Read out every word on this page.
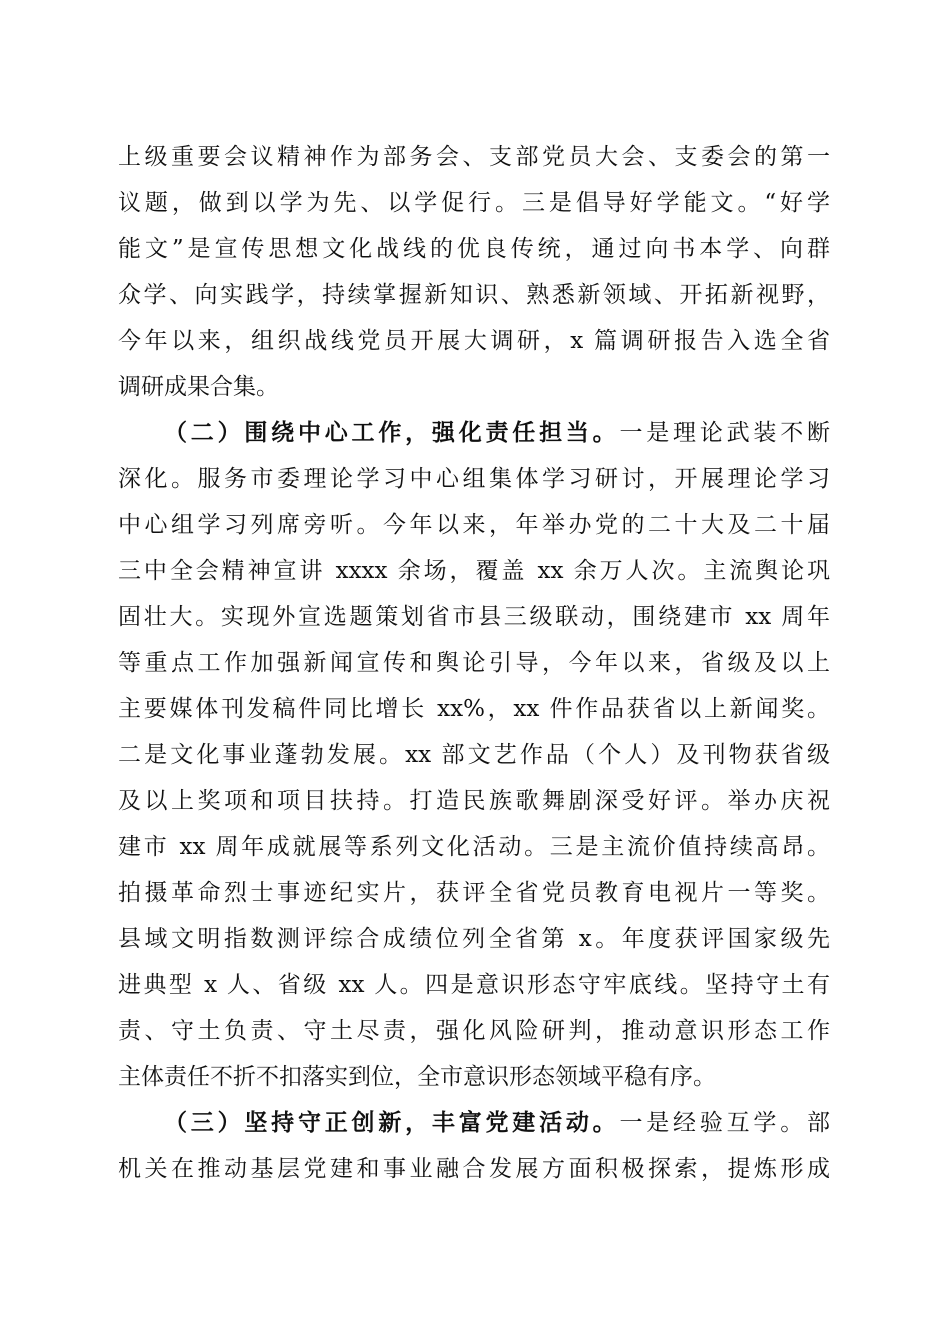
上级重要会议精神作为部务会、支部党员大会、支委会的第一
议题，做到以学为先、以学促行。三是倡导好学能文。“好学
能文”是宣传思想文化战线的优良传统，通过向书本学、向群
众学、向实践学，持续掌握新知识、熟悉新领域、开拓新视野，
今年以来，组织战线党员开展大调研，x 篇调研报告入选全省
调研成果合集。
（二）围绕中心工作，强化责任担当。一是理论武装不断
深化。服务市委理论学习中心组集体学习研讨，开展理论学习
中心组学习列席旁听。今年以来，年举办党的二十大及二十届
三中全会精神宣讲 xxxx 余场，覆盖 xx 余万人次。主流舆论巩
固壮大。实现外宣选题策划省市县三级联动，围绕建市 xx 周年
等重点工作加强新闻宣传和舆论引导，今年以来，省级及以上
主要媒体刊发稿件同比增长 xx%，xx 件作品获省以上新闻奖。
二是文化事业蓬勃发展。xx 部文艺作品（个人）及刊物获省级
及以上奖项和项目扶持。打造民族歌舞剧深受好评。举办庆祝
建市 xx 周年成就展等系列文化活动。三是主流价值持续高昂。
拍摄革命烈士事迹纪实片，获评全省党员教育电视片一等奖。
县域文明指数测评综合成绩位列全省第 x。年度获评国家级先
进典型 x 人、省级 xx 人。四是意识形态守牢底线。坚持守土有
责、守土负责、守土尽责，强化风险研判，推动意识形态工作
主体责任不折不扣落实到位，全市意识形态领域平稳有序。
（三）坚持守正创新，丰富党建活动。一是经验互学。部
机关在推动基层党建和事业融合发展方面积极探索，提炼形成
